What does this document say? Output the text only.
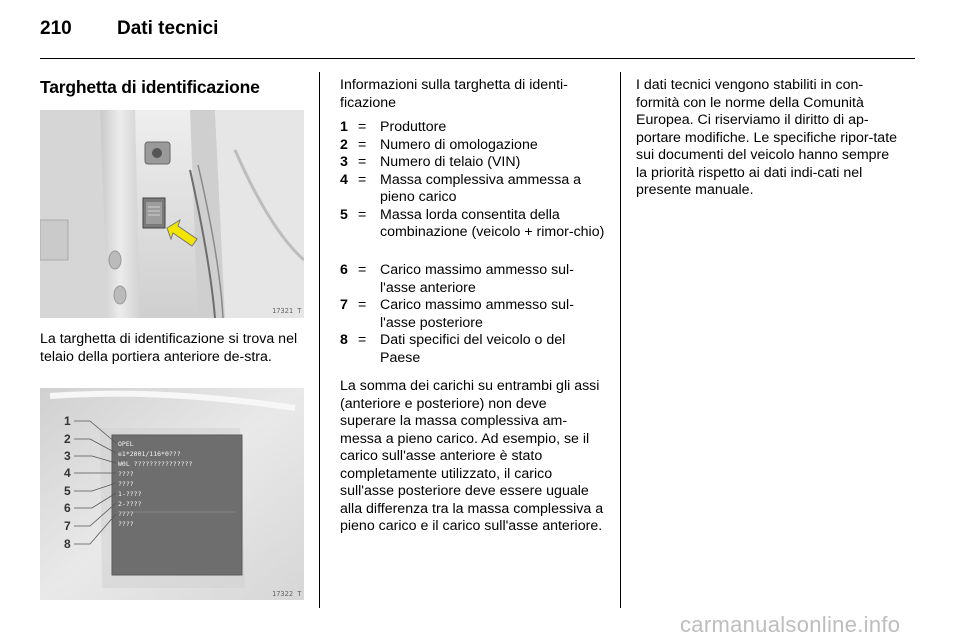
210 Dati tecnici
Targhetta di identificazione
17321 T
La targhetta di identificazione si trova nel telaio della portiera anteriore de-stra.
OPEL
e1*2001/116*0???
W0L ???????????????
????
????
1-????
2-????
????
????
1
2
3
4
5
6
7
8
17322 T
Informazioni sulla targhetta di identi-ficazione
1 = Produttore
2 = Numero di omologazione
3 = Numero di telaio (VIN)
4 = Massa complessiva ammessa a pieno carico
5 = Massa lorda consentita della combinazione (veicolo + rimor-chio)
6 = Carico massimo ammesso sul-l'asse anteriore
7 = Carico massimo ammesso sul-l'asse posteriore
8 = Dati specifici del veicolo o del Paese
La somma dei carichi su entrambi gli assi (anteriore e posteriore) non deve superare la massa complessiva am-messa a pieno carico. Ad esempio, se il carico sull'asse anteriore è stato completamente utilizzato, il carico sull'asse posteriore deve essere uguale alla differenza tra la massa complessiva a pieno carico e il carico sull'asse anteriore.
I dati tecnici vengono stabiliti in con-formità con le norme della Comunità Europea. Ci riserviamo il diritto di ap-portare modifiche. Le specifiche ripor-tate sui documenti del veicolo hanno sempre la priorità rispetto ai dati indi-cati nel presente manuale.
carmanualsonline.info
